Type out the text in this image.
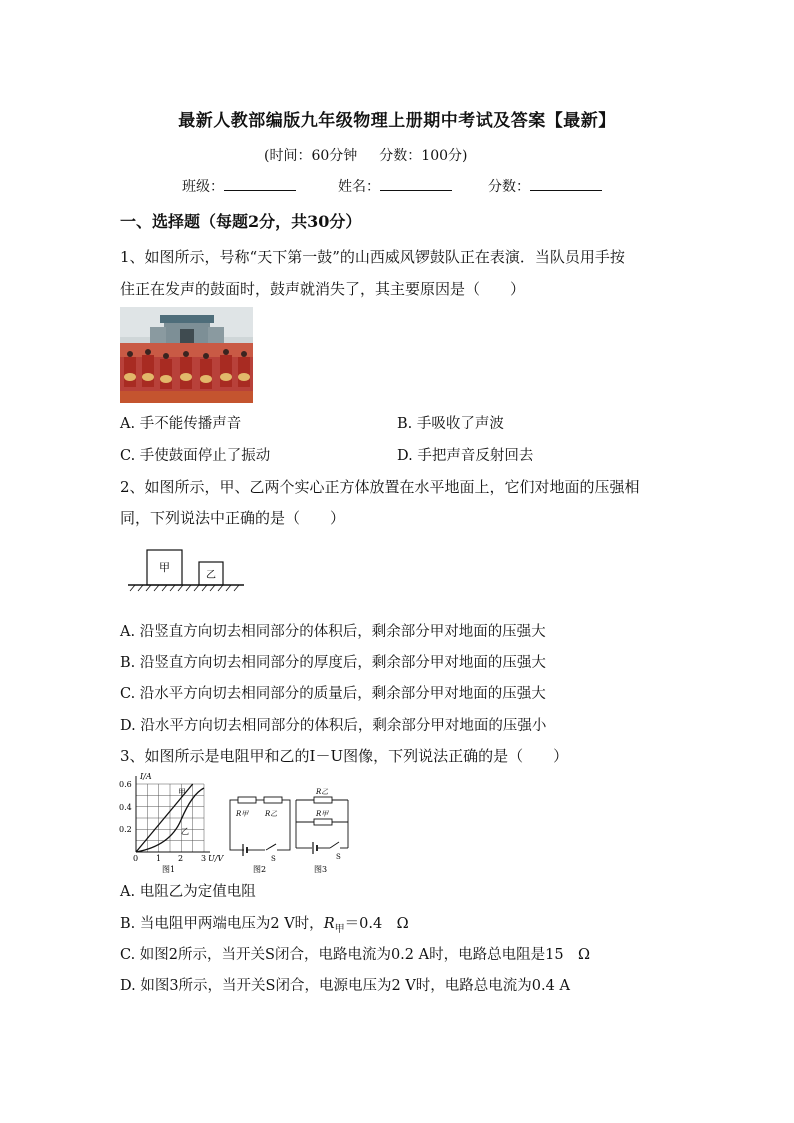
最新人教部编版九年级物理上册期中考试及答案【最新】
(时间：60分钟 分数：100分)
班级：	姓名：	分数：
一、选择题（每题2分，共30分）
1、如图所示，号称“天下第一鼓”的山西威风锣鼓队正在表演．当队员用手按
住正在发声的鼓面时，鼓声就消失了，其主要原因是（　　）
A. 手不能传播声音	B. 手吸收了声波
C. 手使鼓面停止了振动	D. 手把声音反射回去
2、如图所示，甲、乙两个实心正方体放置在水平地面上，它们对地面的压强相
同，下列说法中正确的是（　　）
甲
乙
A. 沿竖直方向切去相同部分的体积后，剩余部分甲对地面的压强大
B. 沿竖直方向切去相同部分的厚度后，剩余部分甲对地面的压强大
C. 沿水平方向切去相同部分的质量后，剩余部分甲对地面的压强大
D. 沿水平方向切去相同部分的体积后，剩余部分甲对地面的压强小
3、如图所示是电阻甲和乙的I－U图像，下列说法正确的是（　　）
甲
乙
I/A
U/V
0.6
0.4
0.2
0 1 2 3
图1
R甲 R乙
S
图2
R乙
R甲
S
图3
A. 电阻乙为定值电阻
B. 当电阻甲两端电压为2 V时，$R_甲=0.4$　Ω
C. 如图2所示，当开关S闭合，电路电流为0.2 A时，电路总电阻是15　Ω
D. 如图3所示，当开关S闭合，电源电压为2 V时，电路总电流为0.4 A
